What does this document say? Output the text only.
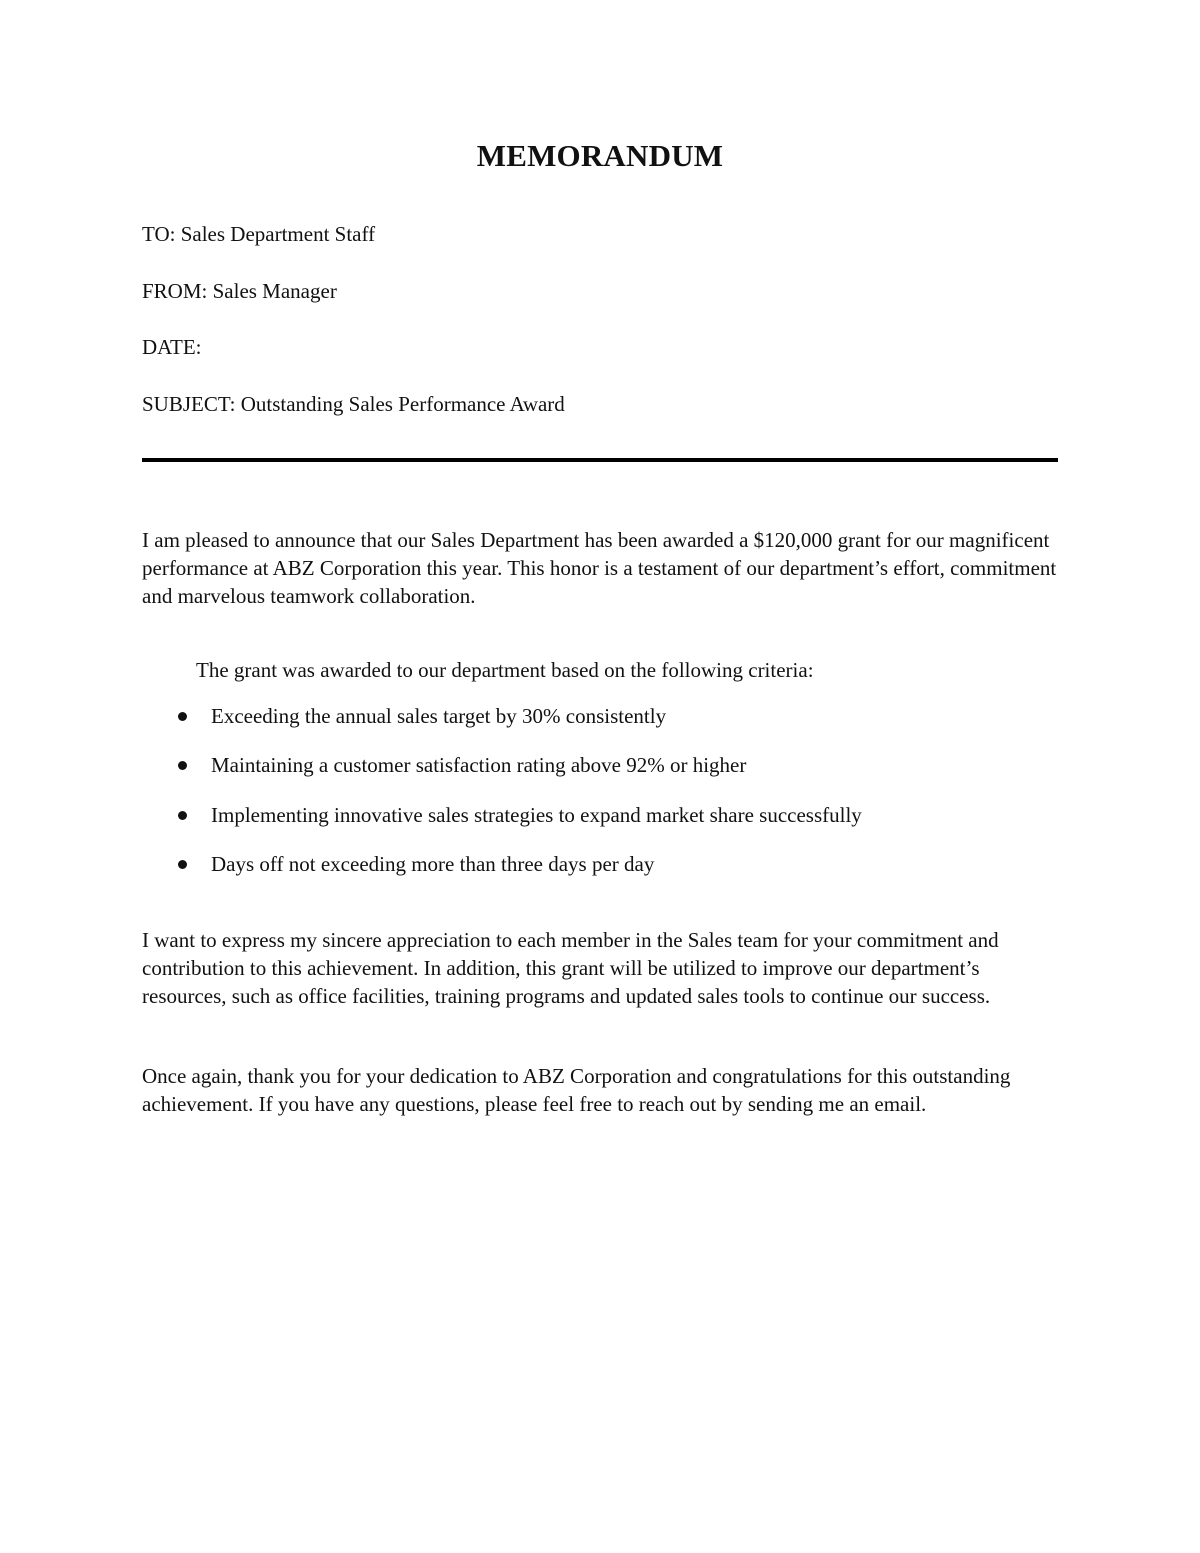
MEMORANDUM
TO: Sales Department Staff
FROM: Sales Manager
DATE:
SUBJECT: Outstanding Sales Performance Award

I am pleased to announce that our Sales Department has been awarded a $120,000 grant for our magnificent performance at ABZ Corporation this year. This honor is a testament of our department’s effort, commitment and marvelous teamwork collaboration.

The grant was awarded to our department based on the following criteria:
Exceeding the annual sales target by 30% consistently
Maintaining a customer satisfaction rating above 92% or higher
Implementing innovative sales strategies to expand market share successfully
Days off not exceeding more than three days per day

I want to express my sincere appreciation to each member in the Sales team for your commitment and contribution to this achievement. In addition, this grant will be utilized to improve our department’s resources, such as office facilities, training programs and updated sales tools to continue our success.

Once again, thank you for your dedication to ABZ Corporation and congratulations for this outstanding achievement. If you have any questions, please feel free to reach out by sending me an email.
